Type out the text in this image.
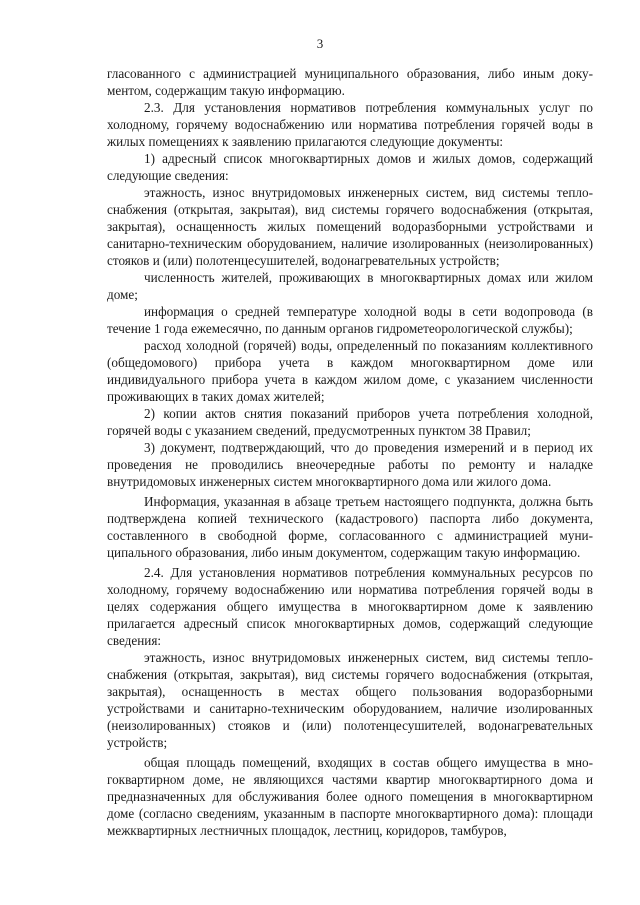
3

гласованного с администрацией муниципального образования, либо иным документом, содержащим такую информацию.

2.3. Для установления нормативов потребления коммунальных услуг по холодному, горячему водоснабжению или норматива потребления горячей воды в жилых помещениях к заявлению прилагаются следующие документы:

1) адресный список многоквартирных домов и жилых домов, содержащий следующие сведения:

этажность, износ внутридомовых инженерных систем, вид системы теплоснабжения (открытая, закрытая), вид системы горячего водоснабжения (открытая, закрытая), оснащенность жилых помещений водоразборными устройствами и санитарно-техническим оборудованием, наличие изолированных (неизолированных) стояков и (или) полотенцесушителей, водонагревательных устройств;

численность жителей, проживающих в многоквартирных домах или жилом доме;

информация о средней температуре холодной воды в сети водопровода (в течение 1 года ежемесячно, по данным органов гидрометеорологической службы);

расход холодной (горячей) воды, определенный по показаниям коллективного (общедомового) прибора учета в каждом многоквартирном доме или индивидуального прибора учета в каждом жилом доме, с указанием численности проживающих в таких домах жителей;

2) копии актов снятия показаний приборов учета потребления холодной, горячей воды с указанием сведений, предусмотренных пунктом 38 Правил;

3) документ, подтверждающий, что до проведения измерений и в период их проведения не проводились внеочередные работы по ремонту и наладке внутридомовых инженерных систем многоквартирного дома или жилого дома.

Информация, указанная в абзаце третьем настоящего подпункта, должна быть подтверждена копией технического (кадастрового) паспорта либо документа, составленного в свободной форме, согласованного с администрацией муниципального образования, либо иным документом, содержащим такую информацию.

2.4. Для установления нормативов потребления коммунальных ресурсов по холодному, горячему водоснабжению или норматива потребления горячей воды в целях содержания общего имущества в многоквартирном доме к заявлению прилагается адресный список многоквартирных домов, содержащий следующие сведения:

этажность, износ внутридомовых инженерных систем, вид системы теплоснабжения (открытая, закрытая), вид системы горячего водоснабжения (открытая, закрытая), оснащенность в местах общего пользования водоразборными устройствами и санитарно-техническим оборудованием, наличие изолированных (неизолированных) стояков и (или) полотенцесушителей, водонагревательных устройств;

общая площадь помещений, входящих в состав общего имущества в многоквартирном доме, не являющихся частями квартир многоквартирного дома и предназначенных для обслуживания более одного помещения в многоквартирном доме (согласно сведениям, указанным в паспорте многоквартирного дома): площади межквартирных лестничных площадок, лестниц, коридоров, тамбуров,
